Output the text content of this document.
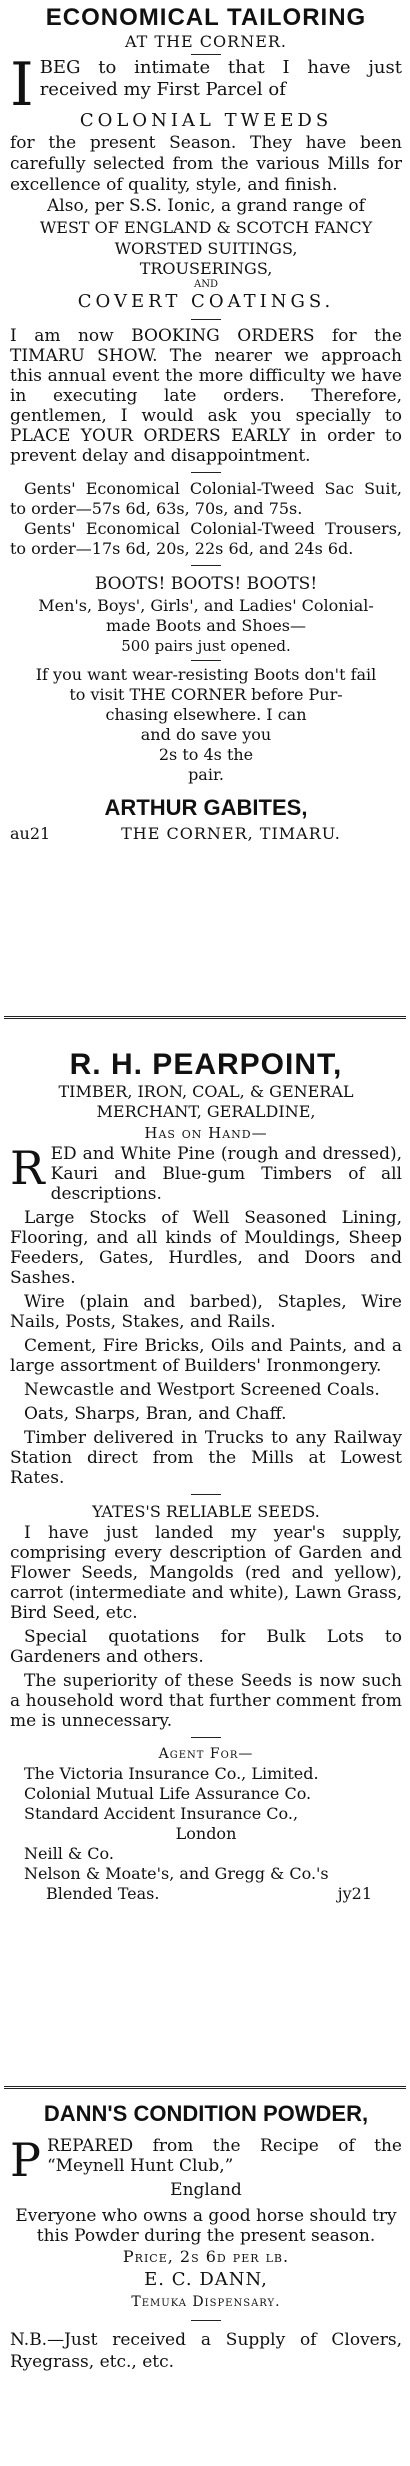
ECONOMICAL TAILORING
AT THE CORNER.
I BEG to intimate that I have just received my First Parcel of

COLONIAL TWEEDS

for the present Season. They have been carefully selected from the various Mills for excellence of quality, style, and finish.

Also, per S.S. Ionic, a grand range of

WEST OF ENGLAND & SCOTCH FANCY

WORSTED SUITINGS,

TROUSERINGS,

AND

COVERT COATINGS.

I am now BOOKING ORDERS for the TIMARU SHOW. The nearer we approach this annual event the more difficulty we have in executing late orders. Therefore, gentlemen, I would ask you specially to PLACE YOUR ORDERS EARLY in order to prevent delay and disappointment.

Gents' Economical Colonial-Tweed Sac Suit, to order—57s 6d, 63s, 70s, and 75s.

Gents' Economical Colonial-Tweed Trousers, to order—17s 6d, 20s, 22s 6d, and 24s 6d.

BOOTS! BOOTS! BOOTS!

Men's, Boys', Girls', and Ladies' Colonial-

made Boots and Shoes—

500 pairs just opened.

If you want wear-resisting Boots don't fail

to visit THE CORNER before Pur-

chasing elsewhere. I can

and do save you

2s to 4s the

pair.

ARTHUR GABITES,

au21	THE CORNER, TIMARU.
R. H. PEARPOINT,

TIMBER, IRON, COAL, & GENERAL

MERCHANT, GERALDINE,

Has on Hand—

R ED and White Pine (rough and dressed), Kauri and Blue-gum Timbers of all descriptions.

Large Stocks of Well Seasoned Lining, Flooring, and all kinds of Mouldings, Sheep Feeders, Gates, Hurdles, and Doors and Sashes.

Wire (plain and barbed), Staples, Wire Nails, Posts, Stakes, and Rails.

Cement, Fire Bricks, Oils and Paints, and a large assortment of Builders' Ironmongery.

Newcastle and Westport Screened Coals.

Oats, Sharps, Bran, and Chaff.

Timber delivered in Trucks to any Railway Station direct from the Mills at Lowest Rates.

YATES'S RELIABLE SEEDS.

I have just landed my year's supply, comprising every description of Garden and Flower Seeds, Mangolds (red and yellow), carrot (intermediate and white), Lawn Grass, Bird Seed, etc.

Special quotations for Bulk Lots to Gardeners and others.

The superiority of these Seeds is now such a household word that further comment from me is unnecessary.

Agent For—

The Victoria Insurance Co., Limited.

Colonial Mutual Life Assurance Co.

Standard Accident Insurance Co.,

London

Neill & Co.

Nelson & Moate's, and Gregg & Co.'s

Blended Teas.	jy21
DANN'S CONDITION POWDER,
P REPARED from the Recipe of the “Meynell Hunt Club,”

England

Everyone who owns a good horse should try this Powder during the present season.

Price, 2s 6d per lb.

E. C. DANN,

Temuka Dispensary.

N.B.—Just received a Supply of Clovers, Ryegrass, etc., etc.
